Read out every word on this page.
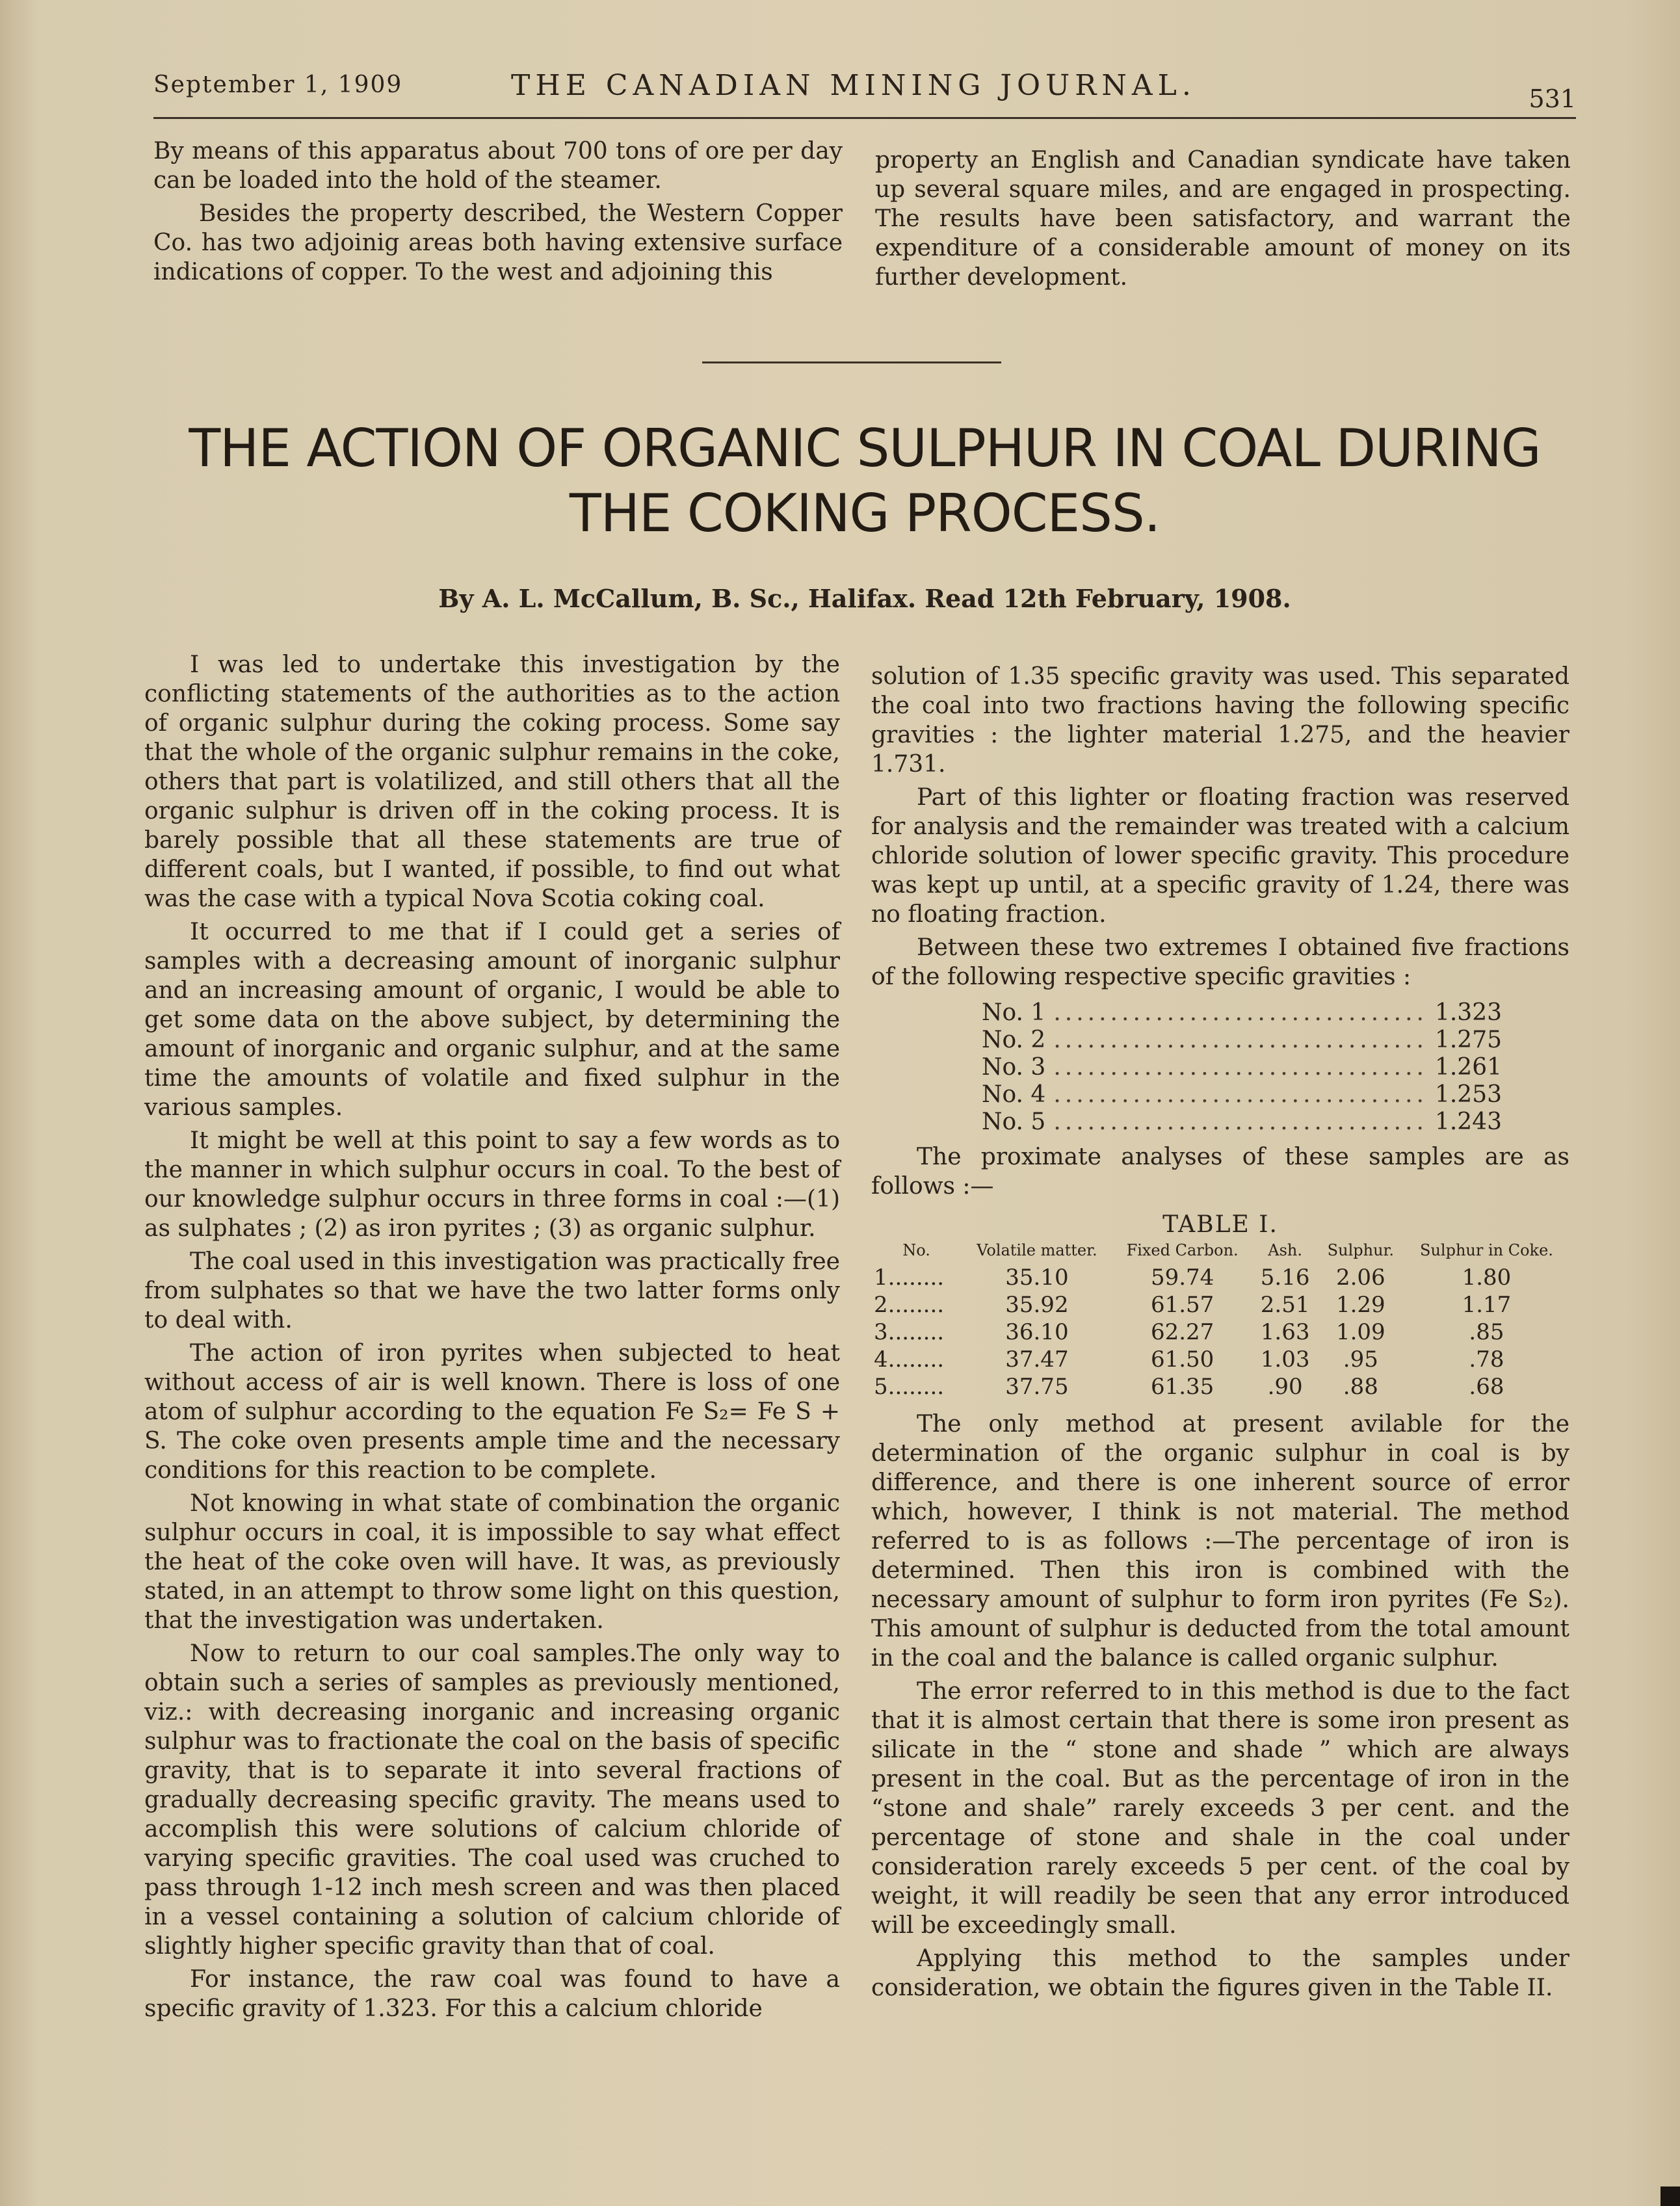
September 1, 1909	THE CANADIAN MINING JOURNAL.	531

By means of this apparatus about 700 tons of ore per day can be loaded into the hold of the steamer.

Besides the property described, the Western Copper Co. has two adjoinig areas both having extensive surface indications of copper. To the west and adjoining this

property an English and Canadian syndicate have taken up several square miles, and are engaged in prospecting. The results have been satisfactory, and warrant the expenditure of a considerable amount of money on its further development.

THE ACTION OF ORGANIC SULPHUR IN COAL DURING
THE COKING PROCESS.
By A. L. McCallum, B. Sc., Halifax. Read 12th February, 1908.

I was led to undertake this investigation by the conflicting statements of the authorities as to the action of organic sulphur during the coking process. Some say that the whole of the organic sulphur remains in the coke, others that part is volatilized, and still others that all the organic sulphur is driven off in the coking process. It is barely possible that all these statements are true of different coals, but I wanted, if possible, to find out what was the case with a typical Nova Scotia coking coal.

It occurred to me that if I could get a series of samples with a decreasing amount of inorganic sulphur and an increasing amount of organic, I would be able to get some data on the above subject, by determining the amount of inorganic and organic sulphur, and at the same time the amounts of volatile and fixed sulphur in the various samples.

It might be well at this point to say a few words as to the manner in which sulphur occurs in coal. To the best of our knowledge sulphur occurs in three forms in coal :—(1) as sulphates ; (2) as iron pyrites ; (3) as organic sulphur.

The coal used in this investigation was practically free from sulphates so that we have the two latter forms only to deal with.

The action of iron pyrites when subjected to heat without access of air is well known. There is loss of one atom of sulphur according to the equation Fe S₂= Fe S + S. The coke oven presents ample time and the necessary conditions for this reaction to be complete.

Not knowing in what state of combination the organic sulphur occurs in coal, it is impossible to say what effect the heat of the coke oven will have. It was, as previously stated, in an attempt to throw some light on this question, that the investigation was undertaken.

Now to return to our coal samples.The only way to obtain such a series of samples as previously mentioned, viz.: with decreasing inorganic and increasing organic sulphur was to fractionate the coal on the basis of specific gravity, that is to separate it into several fractions of gradually decreasing specific gravity. The means used to accomplish this were solutions of calcium chloride of varying specific gravities. The coal used was cruched to pass through 1-12 inch mesh screen and was then placed in a vessel containing a solution of calcium chloride of slightly higher specific gravity than that of coal.

For instance, the raw coal was found to have a specific gravity of 1.323. For this a calcium chloride

solution of 1.35 specific gravity was used. This separated the coal into two fractions having the following specific gravities : the lighter material 1.275, and the heavier 1.731.

Part of this lighter or floating fraction was reserved for analysis and the remainder was treated with a calcium chloride solution of lower specific gravity. This procedure was kept up until, at a specific gravity of 1.24, there was no floating fraction.

Between these two extremes I obtained five fractions of the following respective specific gravities :

No. 1 .....	1.323
No. 2 .....	1.275
No. 3 .....	1.261
No. 4 .....	1.253
No. 5 .....	1.243

The proximate analyses of these samples are as follows :—

TABLE I.
No.	Volatile matter.	Fixed Carbon.	Ash.	Sulphur.	Sulphur in Coke.
1........	35.10	59.74	5.16	2.06	1.80
2........	35.92	61.57	2.51	1.29	1.17
3........	36.10	62.27	1.63	1.09	.85
4........	37.47	61.50	1.03	.95	.78
5........	37.75	61.35	.90	.88	.68

The only method at present avilable for the determination of the organic sulphur in coal is by difference, and there is one inherent source of error which, however, I think is not material. The method referred to is as follows :—The percentage of iron is determined. Then this iron is combined with the necessary amount of sulphur to form iron pyrites (Fe S₂). This amount of sulphur is deducted from the total amount in the coal and the balance is called organic sulphur.

The error referred to in this method is due to the fact that it is almost certain that there is some iron present as silicate in the “ stone and shade ” which are always present in the coal. But as the percentage of iron in the “stone and shale” rarely exceeds 3 per cent. and the percentage of stone and shale in the coal under consideration rarely exceeds 5 per cent. of the coal by weight, it will readily be seen that any error introduced will be exceedingly small.

Applying this method to the samples under consideration, we obtain the figures given in the Table II.
